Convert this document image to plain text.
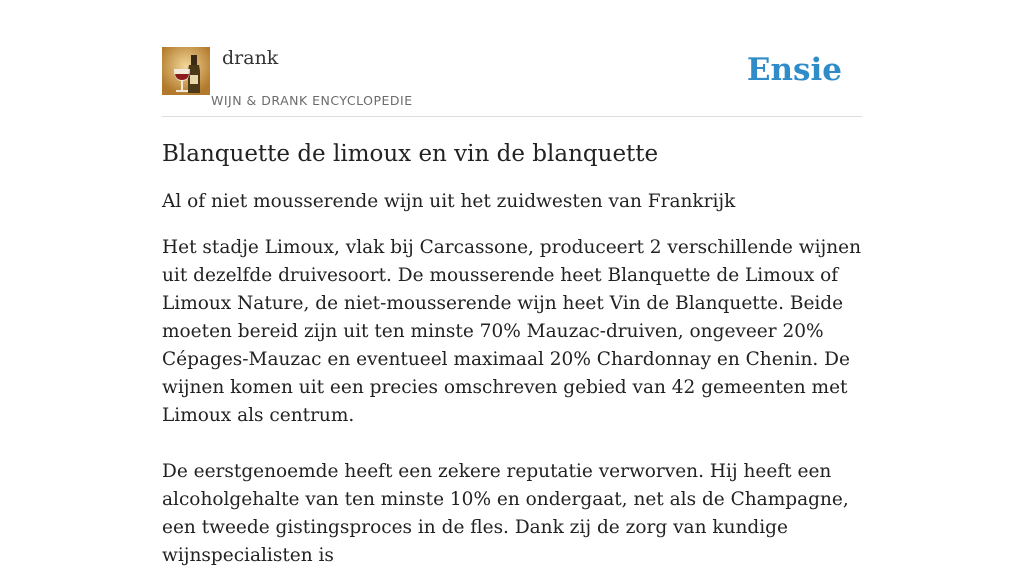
drank
WIJN & DRANK ENCYCLOPEDIE
Ensie
Blanquette de limoux en vin de blanquette

Al of niet mousserende wijn uit het zuidwesten van Frankrijk

Het stadje Limoux, vlak bij Carcassone, produceert 2 verschillende wijnen uit dezelfde druivesoort. De mousserende heet Blanquette de Limoux of Limoux Nature, de niet-mousserende wijn heet Vin de Blanquette. Beide moeten bereid zijn uit ten minste 70% Mauzac-druiven, ongeveer 20% Cépages-Mauzac en eventueel maximaal 20% Chardonnay en Chenin. De wijnen komen uit een precies omschreven gebied van 42 gemeenten met Limoux als centrum.

De eerstgenoemde heeft een zekere reputatie verworven. Hij heeft een alcoholgehalte van ten minste 10% en ondergaat, net als de Champagne, een tweede gistingsproces in de fles. Dank zij de zorg van kundige wijnspecialisten is
